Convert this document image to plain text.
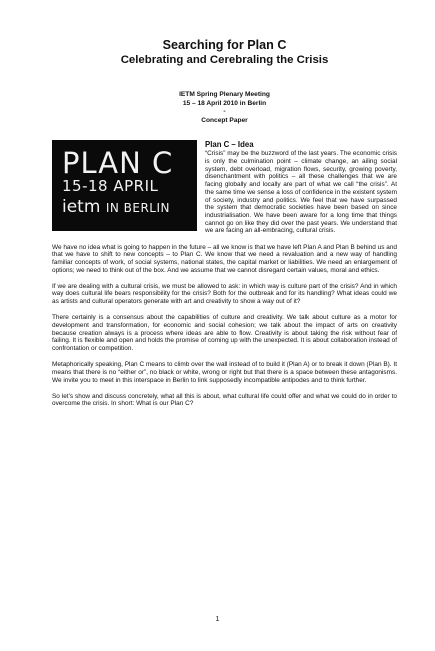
Searching for Plan C
Celebrating and Cerebraling the Crisis
IETM Spring Plenary Meeting
15 – 18 April 2010 in Berlin
-
Concept Paper
PLAN C
15-18 APRIL
ietm IN BERLIN
Plan C – Idea

“Crisis” may be the buzzword of the last years. The economic crisis is only the culmination point – climate change, an ailing social system, debt overload, migration flows, security, growing poverty, disenchantment with politics – all these challenges that we are facing globally and locally are part of what we call “the crisis”. At the same time we sense a loss of confidence in the existent system of society, industry and politics. We feel that we have surpassed the system that democratic societies have been based on since industrialisation. We have been aware for a long time that things cannot go on like they did over the past years. We understand that we are facing an all-embracing, cultural crisis.

We have no idea what is going to happen in the future – all we know is that we have left Plan A and Plan B behind us and that we have to shift to new concepts – to Plan C. We know that we need a revaluation and a new way of handling familiar concepts of work, of social systems, national states, the capital market or liabilities. We need an enlargement of options; we need to think out of the box. And we assume that we cannot disregard certain values, moral and ethics.

If we are dealing with a cultural crisis, we must be allowed to ask: in which way is culture part of the crisis? And in which way does cultural life bears responsibility for the crisis? Both for the outbreak and for its handling? What ideas could we as artists and cultural operators generate with art and creativity to show a way out of it?

There certainly is a consensus about the capabilities of culture and creativity. We talk about culture as a motor for development and transformation, for economic and social cohesion; we talk about the impact of arts on creativity because creation always is a process where ideas are able to flow. Creativity is about taking the risk without fear of failing. It is flexible and open and holds the promise of coming up with the unexpected. It is about collaboration instead of confrontation or competition.

Metaphorically speaking, Plan C means to climb over the wall instead of to build it (Plan A) or to break it down (Plan B). It means that there is no “either or”, no black or white, wrong or right but that there is a space between these antagonisms. We invite you to meet in this interspace in Berlin to link supposedly incompatible antipodes and to think further.

So let’s show and discuss concretely, what all this is about, what cultural life could offer and what we could do in order to overcome the crisis. In short: What is our Plan C?

1
